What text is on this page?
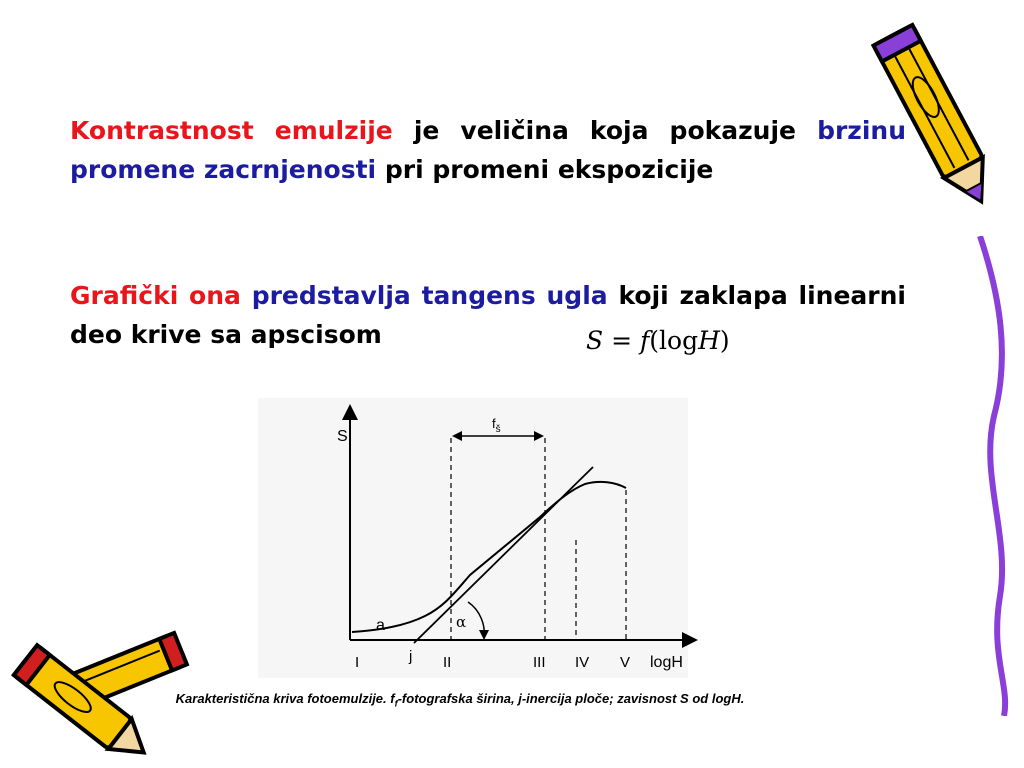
Kontrastnost emulzije je veličina koja pokazuje brzinu promene zacrnjenosti pri promeni ekspozicije
Grafički ona predstavlja tangens ugla koji zaklapa linearni deo krive sa apscisom	S = f(logH)
S
logH
I	II	III IV V
$f_š$
a	α
j
Karakteristična kriva fotoemulzije. $f_f$-fotografska širina, j-inercija ploče; zavisnost S od logH.
